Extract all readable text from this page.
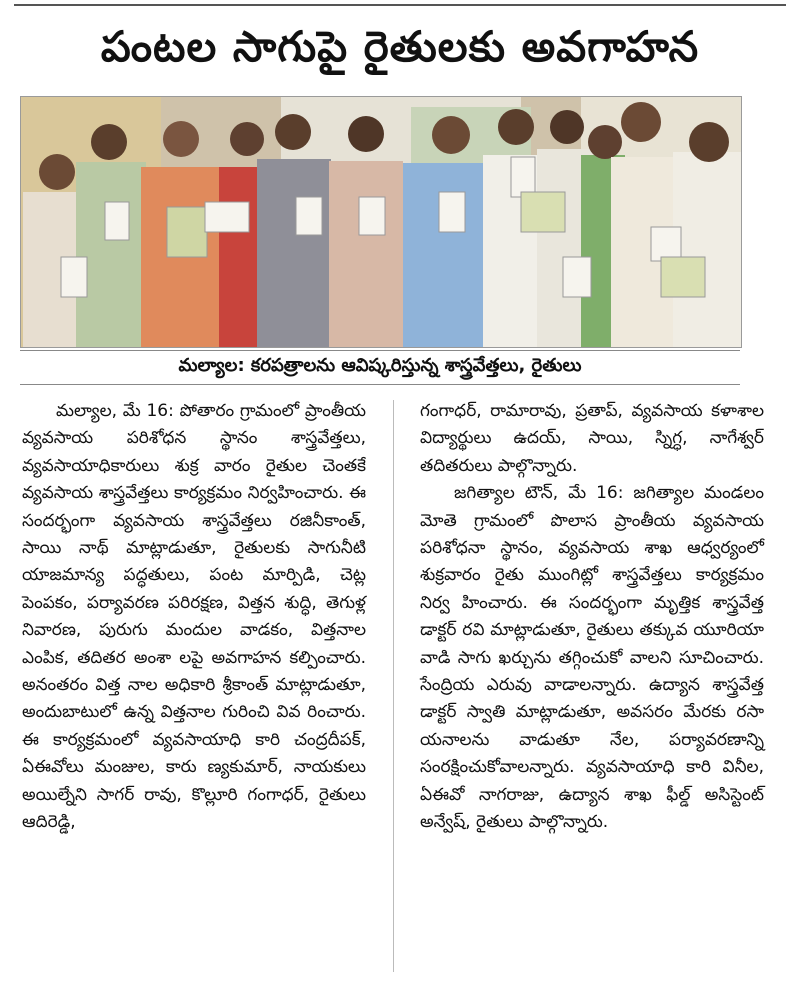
పంటల సాగుపై రైతులకు అవగాహన
మల్యాల: కరపత్రాలను ఆవిష్కరిస్తున్న శాస్త్రవేత్తలు, రైతులు

మల్యాల, మే 16: పోతారం గ్రామంలో ప్రాంతీయ వ్యవసాయ పరిశోధన స్థానం శాస్త్రవేత్తలు, వ్యవసాయాధికారులు శుక్ర వారం రైతుల చెంతకే వ్యవసాయ శాస్త్రవేత్తలు కార్యక్రమం నిర్వహించారు. ఈ సందర్భంగా వ్యవసాయ శాస్త్రవేత్తలు రజినీకాంత్, సాయి నాథ్ మాట్లాడుతూ, రైతులకు సాగునీటి యాజమాన్య పద్ధతులు, పంట మార్పిడి, చెట్ల పెంపకం, పర్యావరణ పరిరక్షణ, విత్తన శుద్ధి, తెగుళ్ల నివారణ, పురుగు మందుల వాడకం, విత్తనాల ఎంపిక, తదితర అంశా లపై అవగాహన కల్పించారు. అనంతరం విత్త నాల అధికారి శ్రీకాంత్ మాట్లాడుతూ, అందుబాటులో ఉన్న విత్తనాల గురించి వివ రించారు. ఈ కార్యక్రమంలో వ్యవసాయాధి కారి చంద్రదీపక్, ఏఈవోలు మంజుల, కారు ణ్యకుమార్, నాయకులు అయిల్నేని సాగర్ రావు, కొల్లూరి గంగాధర్, రైతులు ఆదిరెడ్డి,

గంగాధర్, రామారావు, ప్రతాప్, వ్యవసాయ కళాశాల విద్యార్థులు ఉదయ్, సాయి, స్నిగ్ధ, నాగేశ్వర్ తదితరులు పాల్గొన్నారు.

జగిత్యాల టౌన్, మే 16: జగిత్యాల మండలం మోతె గ్రామంలో పొలాస ప్రాంతీయ వ్యవసాయ పరిశోధనా స్థానం, వ్యవసాయ శాఖ ఆధ్వర్యంలో శుక్రవారం రైతు ముంగిట్లో శాస్త్రవేత్తలు కార్యక్రమం నిర్వ హించారు. ఈ సందర్భంగా మృత్తిక శాస్త్రవేత్త డాక్టర్ రవి మాట్లాడుతూ, రైతులు తక్కువ యూరియా వాడి సాగు ఖర్చును తగ్గించుకో వాలని సూచించారు. సేంద్రియ ఎరువు వాడాలన్నారు. ఉద్యాన శాస్త్రవేత్త డాక్టర్ స్వాతి మాట్లాడుతూ, అవసరం మేరకు రసా యనాలను వాడుతూ నేల, పర్యావరణాన్ని సంరక్షించుకోవాలన్నారు. వ్యవసాయాధి కారి వినీల, ఏఈవో నాగరాజు, ఉద్యాన శాఖ ఫీల్డ్ అసిస్టెంట్ అన్వేష్, రైతులు పాల్గొన్నారు.
